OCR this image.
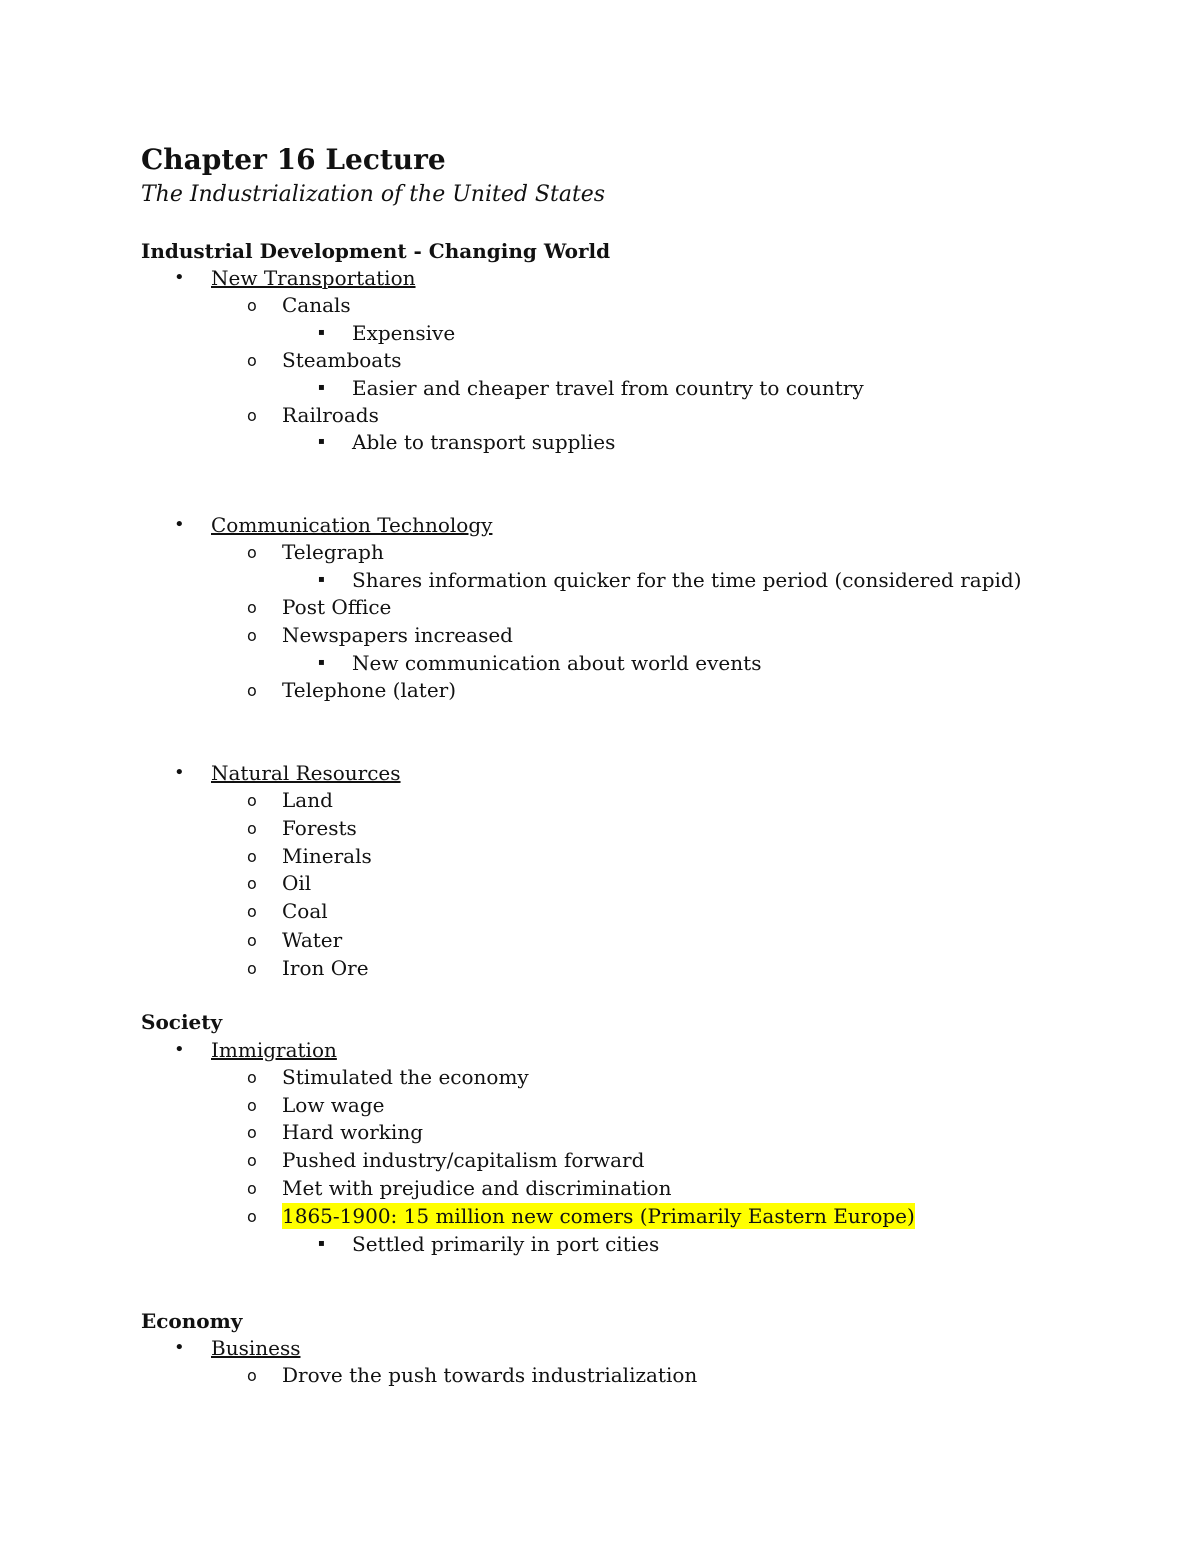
Chapter 16 Lecture
The Industrialization of the United States
Industrial Development - Changing World
• New Transportation
o Canals
▪ Expensive
o Steamboats
▪ Easier and cheaper travel from country to country
o Railroads
▪ Able to transport supplies
• Communication Technology
o Telegraph
▪ Shares information quicker for the time period (considered rapid)
o Post Office
o Newspapers increased
▪ New communication about world events
o Telephone (later)
• Natural Resources
o Land
o Forests
o Minerals
o Oil
o Coal
o Water
o Iron Ore
Society
• Immigration
o Stimulated the economy
o Low wage
o Hard working
o Pushed industry/capitalism forward
o Met with prejudice and discrimination
o 1865-1900: 15 million new comers (Primarily Eastern Europe)
▪ Settled primarily in port cities
Economy
• Business
o Drove the push towards industrialization
